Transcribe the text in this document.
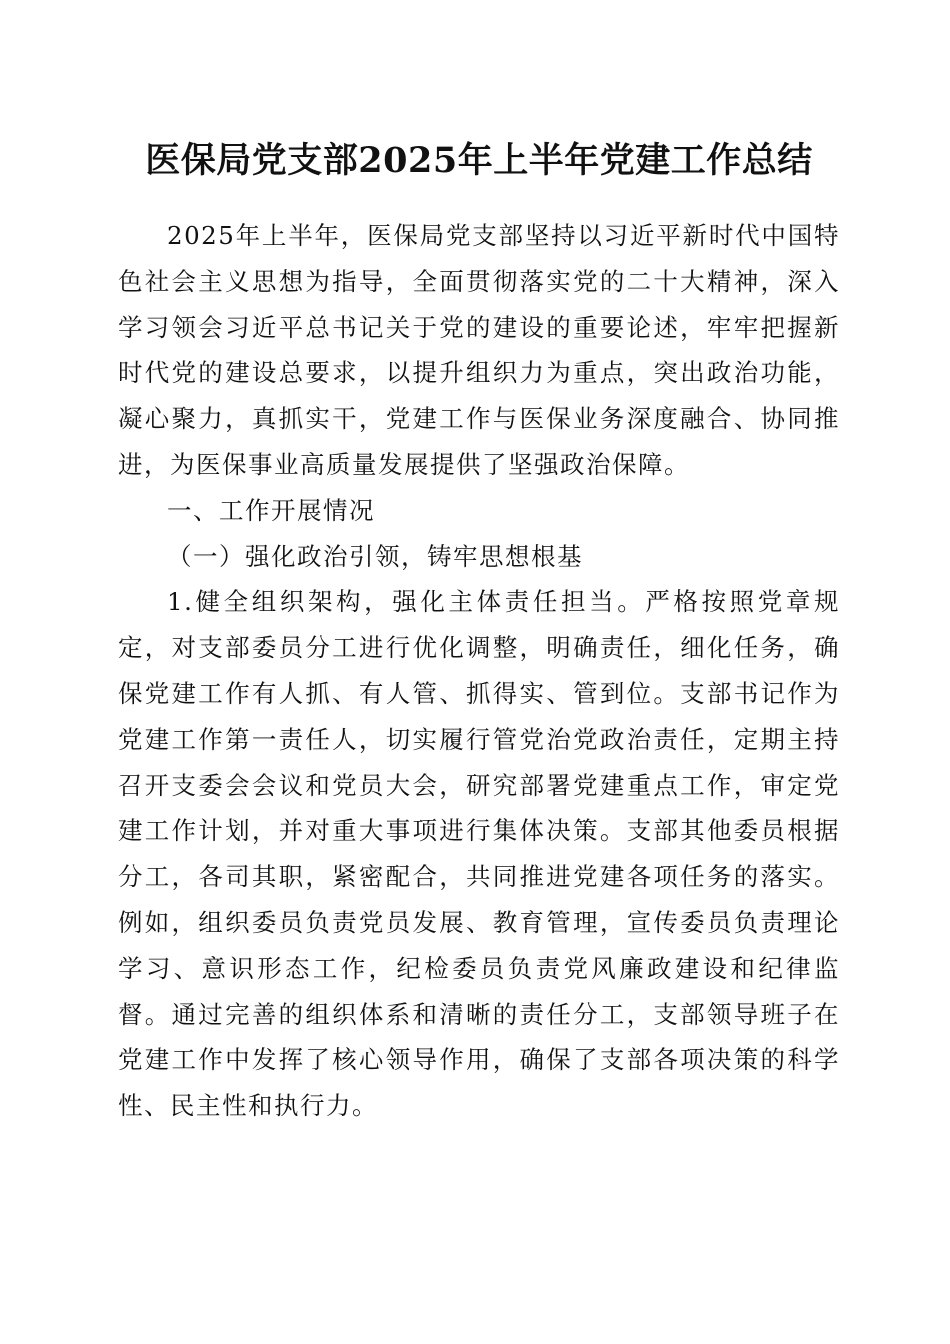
医保局党支部2025年上半年党建工作总结

2025年上半年，医保局党支部坚持以习近平新时代中国特色社会主义思想为指导，全面贯彻落实党的二十大精神，深入学习领会习近平总书记关于党的建设的重要论述，牢牢把握新时代党的建设总要求，以提升组织力为重点，突出政治功能，凝心聚力，真抓实干，党建工作与医保业务深度融合、协同推进，为医保事业高质量发展提供了坚强政治保障。

一、工作开展情况

（一）强化政治引领，铸牢思想根基

1.健全组织架构，强化主体责任担当。严格按照党章规定，对支部委员分工进行优化调整，明确责任，细化任务，确保党建工作有人抓、有人管、抓得实、管到位。支部书记作为党建工作第一责任人，切实履行管党治党政治责任，定期主持召开支委会会议和党员大会，研究部署党建重点工作，审定党建工作计划，并对重大事项进行集体决策。支部其他委员根据分工，各司其职，紧密配合，共同推进党建各项任务的落实。例如，组织委员负责党员发展、教育管理，宣传委员负责理论学习、意识形态工作，纪检委员负责党风廉政建设和纪律监督。通过完善的组织体系和清晰的责任分工，支部领导班子在党建工作中发挥了核心领导作用，确保了支部各项决策的科学性、民主性和执行力。
